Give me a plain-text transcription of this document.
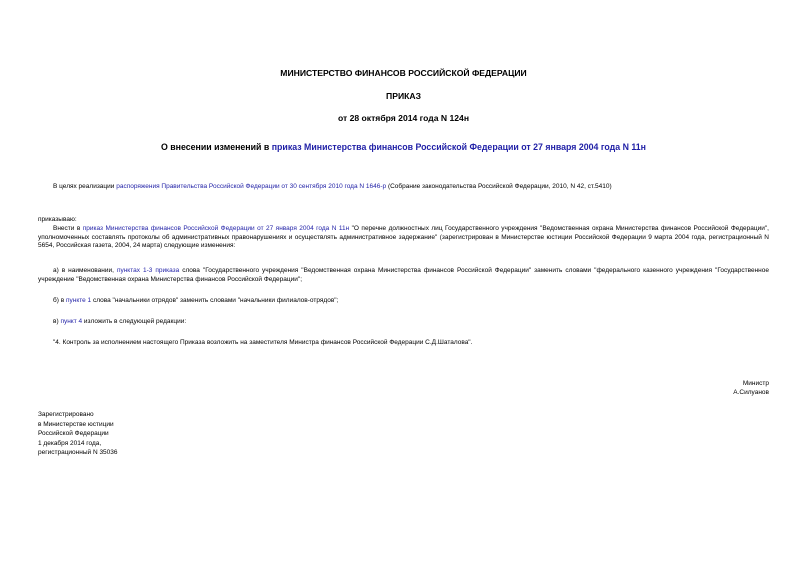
МИНИСТЕРСТВО ФИНАНСОВ РОССИЙСКОЙ ФЕДЕРАЦИИ
ПРИКАЗ
от 28 октября 2014 года N 124н
О внесении изменений в приказ Министерства финансов Российской Федерации от 27 января 2004 года N 11н
В целях реализации распоряжения Правительства Российской Федерации от 30 сентября 2010 года N 1646-р (Собрание законодательства Российской Федерации, 2010, N 42, ст.5410)
приказываю:
Внести в приказ Министерства финансов Российской Федерации от 27 января 2004 года N 11н "О перечне должностных лиц Государственного учреждения "Ведомственная охрана Министерства финансов Российской Федерации", уполномоченных составлять протоколы об административных правонарушениях и осуществлять административное задержание" (зарегистрирован в Министерстве юстиции Российской Федерации 9 марта 2004 года, регистрационный N 5654, Российская газета, 2004, 24 марта) следующие изменения:
а) в наименовании, пунктах 1-3 приказа слова "Государственного учреждения "Ведомственная охрана Министерства финансов Российской Федерации" заменить словами "федерального казенного учреждения "Государственное учреждение "Ведомственная охрана Министерства финансов Российской Федерации";
б) в пункте 1 слова "начальники отрядов" заменить словами "начальники филиалов-отрядов";
в) пункт 4 изложить в следующей редакции:
"4. Контроль за исполнением настоящего Приказа возложить на заместителя Министра финансов Российской Федерации С.Д.Шаталова".
Министр
А.Силуанов
Зарегистрировано
в Министерстве юстиции
Российской Федерации
1 декабря 2014 года,
регистрационный N 35036
